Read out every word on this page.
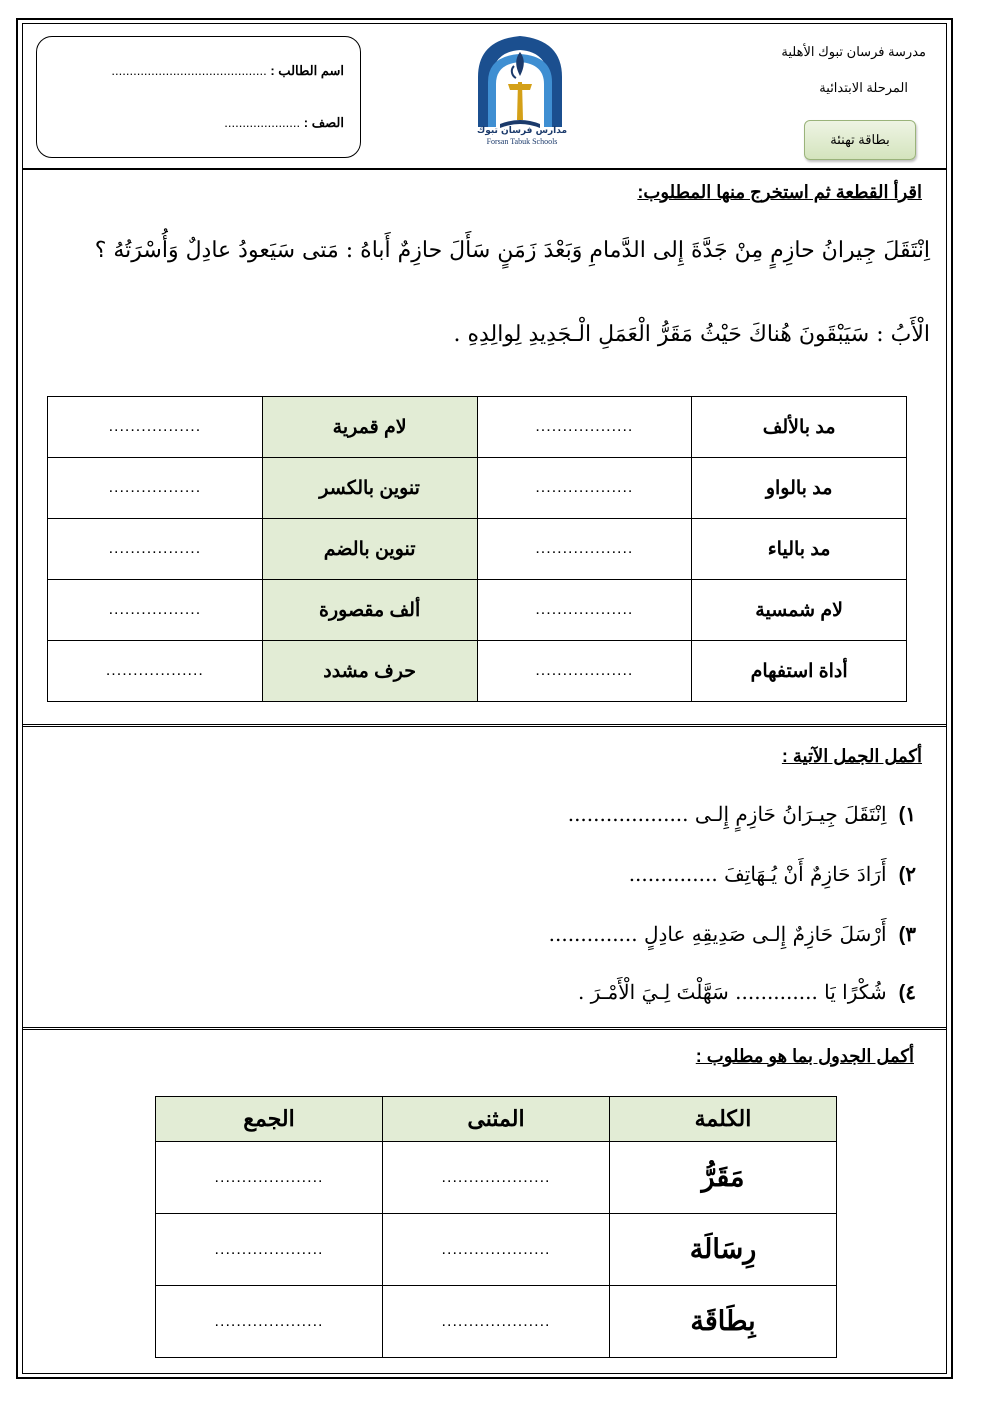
مدرسة فرسان تبوك الأهلية
المرحلة الابتدائية
بطاقة تهنئة
مدارس فرسان تبوك
Forsan Tabuk Schools
اسم الطالب : ...........................................
الصف : .....................
اقرأ القطعة ثم استخرج منها المطلوب:
اِنْتَقَلَ جِيرانُ حازِمٍ مِنْ جَدَّةَ إِلى الدَّمامِ وَبَعْدَ زَمَنٍ سَأَلَ حازِمٌ أَباهُ : مَتى سَيَعودُ عادِلٌ وَأُسْرَتُهُ ؟
الْأَبُ : سَيَبْقَونَ هُناكَ حَيْثُ مَقَرُّ الْعَمَلِ الْـجَدِيدِ لِوالِدِهِ .
مد بالألف	..................	لام قمرية	.................
مد بالواو	..................	تنوين بالكسر	.................
مد بالياء	..................	تنوين بالضم	.................
لام شمسية	..................	ألف مقصورة	.................
أداة استفهام	..................	حرف مشدد	..................
أكمل الجمل الآتية :
١)اِنْتَقَلَ جِيـرَانُ حَازِمٍ إِلـى ...................
٢)أَرَادَ حَازِمٌ أَنْ يُـهَاتِفَ ..............
٣)أَرْسَلَ حَازِمٌ إِلـى صَدِيقِهِ عادِلٍ ..............
٤)شُكْرًا يَا ............. سَهَّلْتَ لِـيَ الْأَمْـرَ .
أكمل الجدول بما هو مطلوب :
الكلمة	المثنى	الجمع
مَقَرُّ	....................	....................
رِسَالَة	....................	....................
بِطَاقَة	....................	....................
